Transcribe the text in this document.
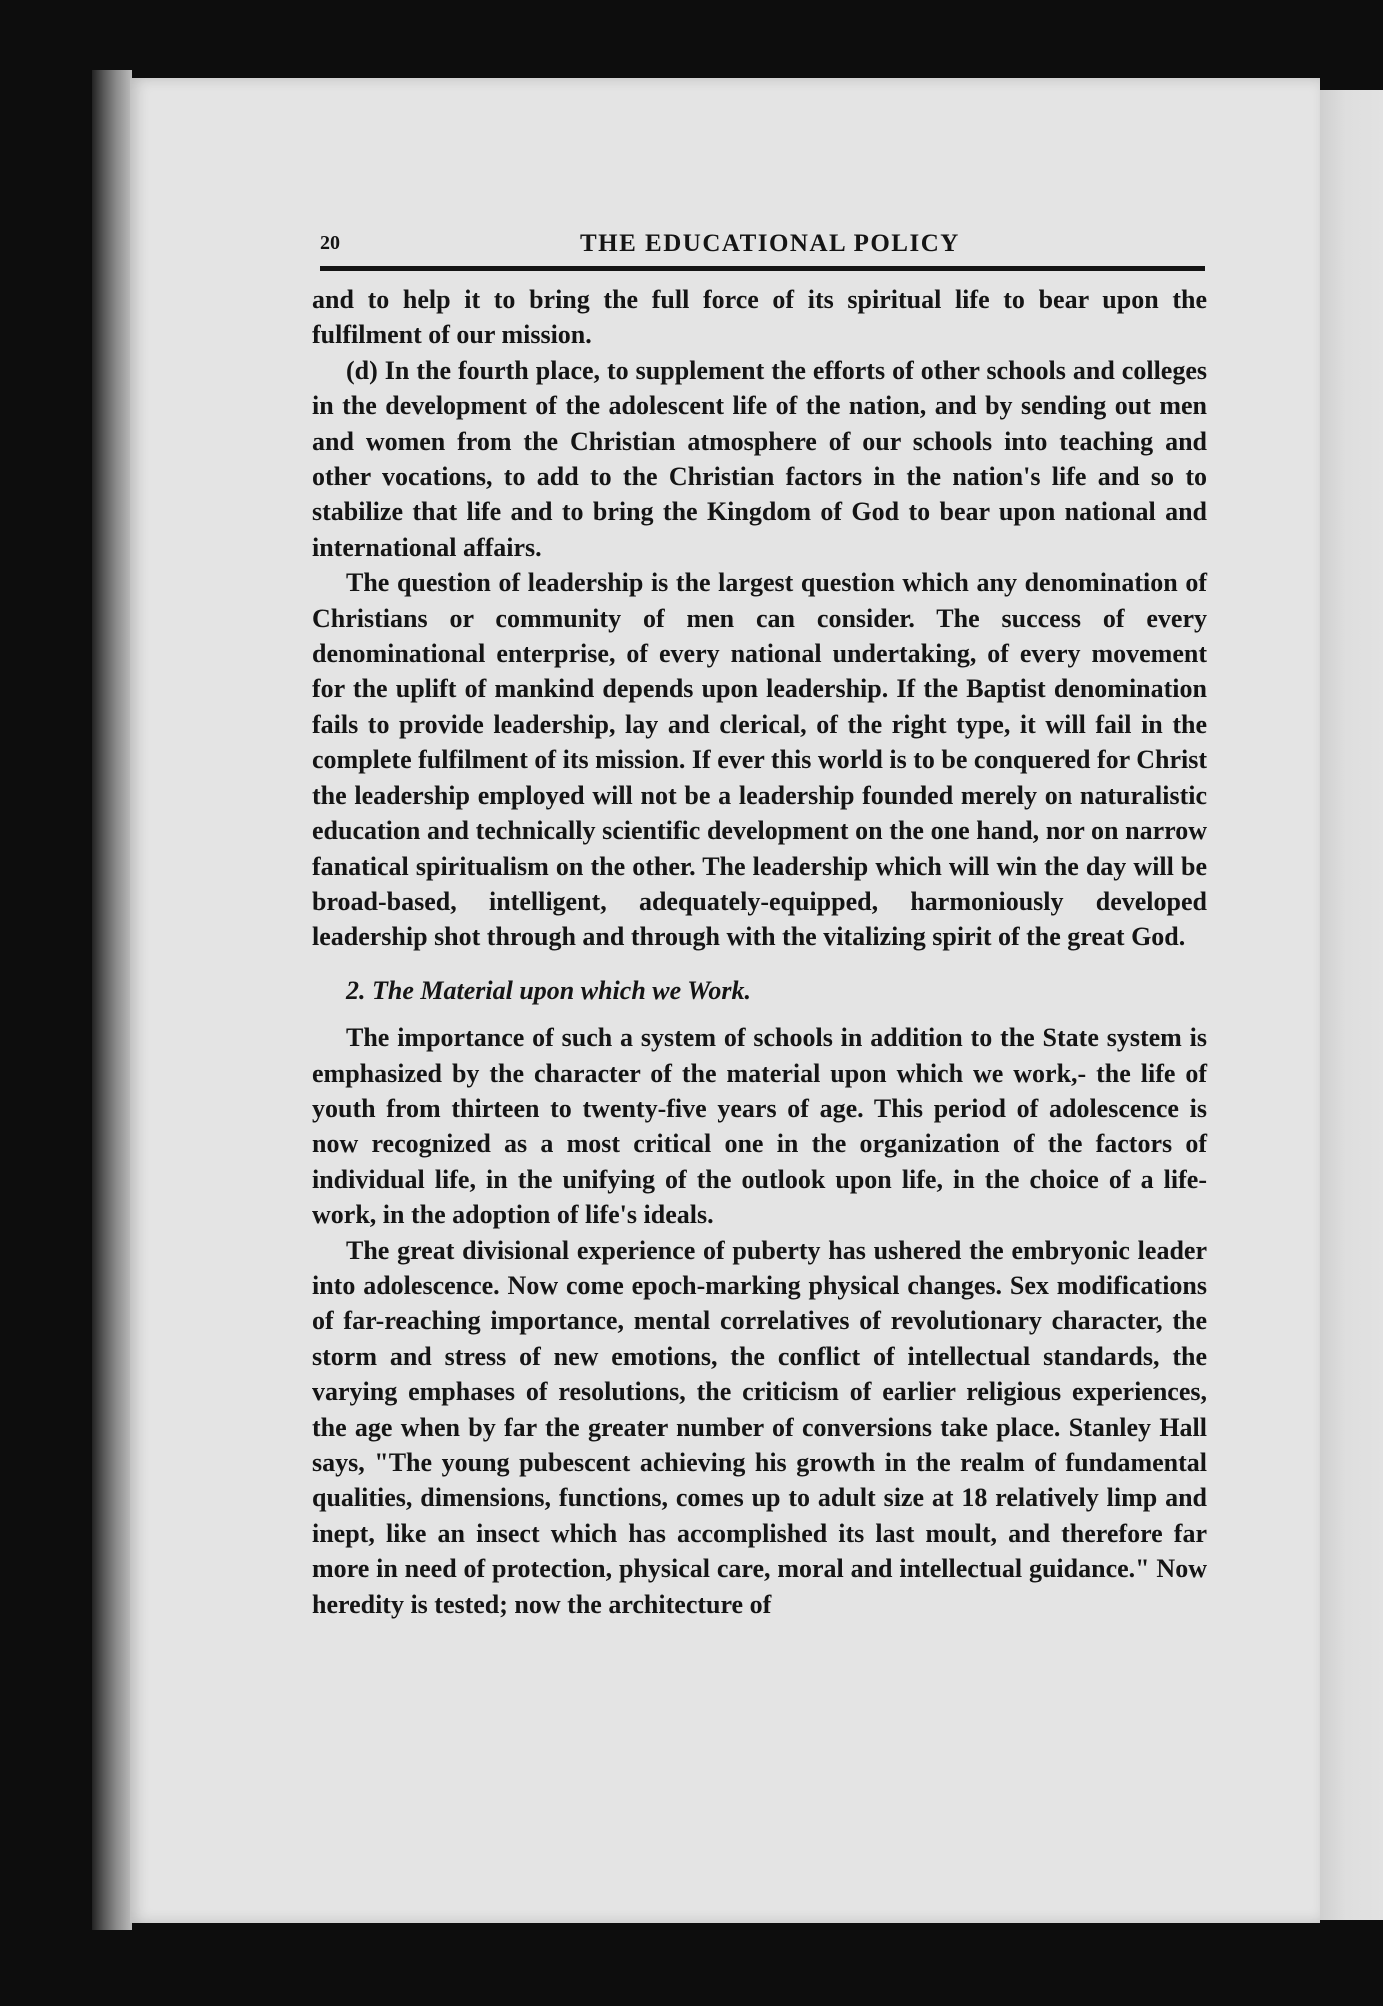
20	THE EDUCATIONAL POLICY

and to help it to bring the full force of its spiritual life to bear upon the fulfilment of our mission.

(d) In the fourth place, to supplement the efforts of other schools and colleges in the development of the adolescent life of the nation, and by sending out men and women from the Christian atmosphere of our schools into teaching and other vocations, to add to the Christian factors in the nation's life and so to stabilize that life and to bring the Kingdom of God to bear upon national and international affairs.

The question of leadership is the largest question which any denomination of Christians or community of men can consider. The success of every denominational enterprise, of every national undertaking, of every movement for the uplift of mankind depends upon leadership. If the Baptist denomination fails to provide leadership, lay and clerical, of the right type, it will fail in the complete fulfilment of its mission. If ever this world is to be conquered for Christ the leadership employed will not be a leadership founded merely on naturalistic education and technically scientific development on the one hand, nor on narrow fanatical spiritualism on the other. The leadership which will win the day will be broad-based, intelligent, adequately-equipped, harmoniously developed leadership shot through and through with the vitalizing spirit of the great God.

2. The Material upon which we Work.

The importance of such a system of schools in addition to the State system is emphasized by the character of the material upon which we work,- the life of youth from thirteen to twenty-five years of age. This period of adolescence is now recognized as a most critical one in the organization of the factors of individual life, in the unifying of the outlook upon life, in the choice of a life-work, in the adoption of life's ideals.

The great divisional experience of puberty has ushered the embryonic leader into adolescence. Now come epoch-marking physical changes. Sex modifications of far-reaching importance, mental correlatives of revolutionary character, the storm and stress of new emotions, the conflict of intellectual standards, the varying emphases of resolutions, the criticism of earlier religious experiences, the age when by far the greater number of conversions take place. Stanley Hall says, "The young pubescent achieving his growth in the realm of fundamental qualities, dimensions, functions, comes up to adult size at 18 relatively limp and inept, like an insect which has accomplished its last moult, and therefore far more in need of protection, physical care, moral and intellectual guidance." Now heredity is tested; now the architecture of
